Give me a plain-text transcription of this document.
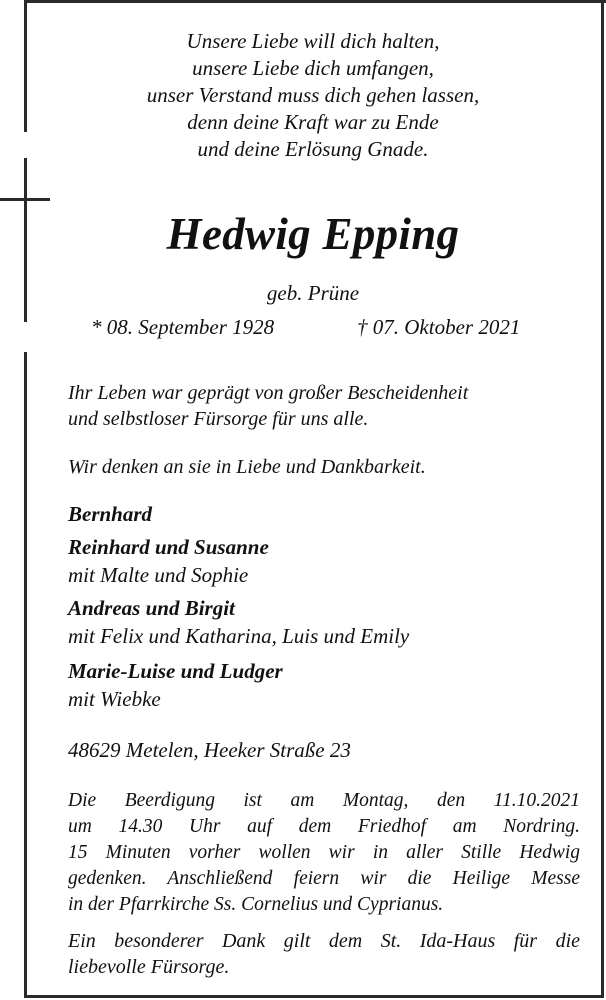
Unsere Liebe will dich halten,
unsere Liebe dich umfangen,
unser Verstand muss dich gehen lassen,
denn deine Kraft war zu Ende
und deine Erlösung Gnade.
Hedwig Epping
geb. Prüne
* 08. September 1928	† 07. Oktober 2021
Ihr Leben war geprägt von großer Bescheidenheit
und selbstloser Fürsorge für uns alle.
Wir denken an sie in Liebe und Dankbarkeit.
Bernhard
Reinhard und Susanne
mit Malte und Sophie
Andreas und Birgit
mit Felix und Katharina, Luis und Emily
Marie-Luise und Ludger
mit Wiebke
48629 Metelen, Heeker Straße 23
Die Beerdigung ist am Montag, den 11.10.2021
um 14.30 Uhr auf dem Friedhof am Nordring.
15 Minuten vorher wollen wir in aller Stille Hedwig
gedenken. Anschließend feiern wir die Heilige Messe
in der Pfarrkirche Ss. Cornelius und Cyprianus.
Ein besonderer Dank gilt dem St. Ida-Haus für die
liebevolle Fürsorge.
